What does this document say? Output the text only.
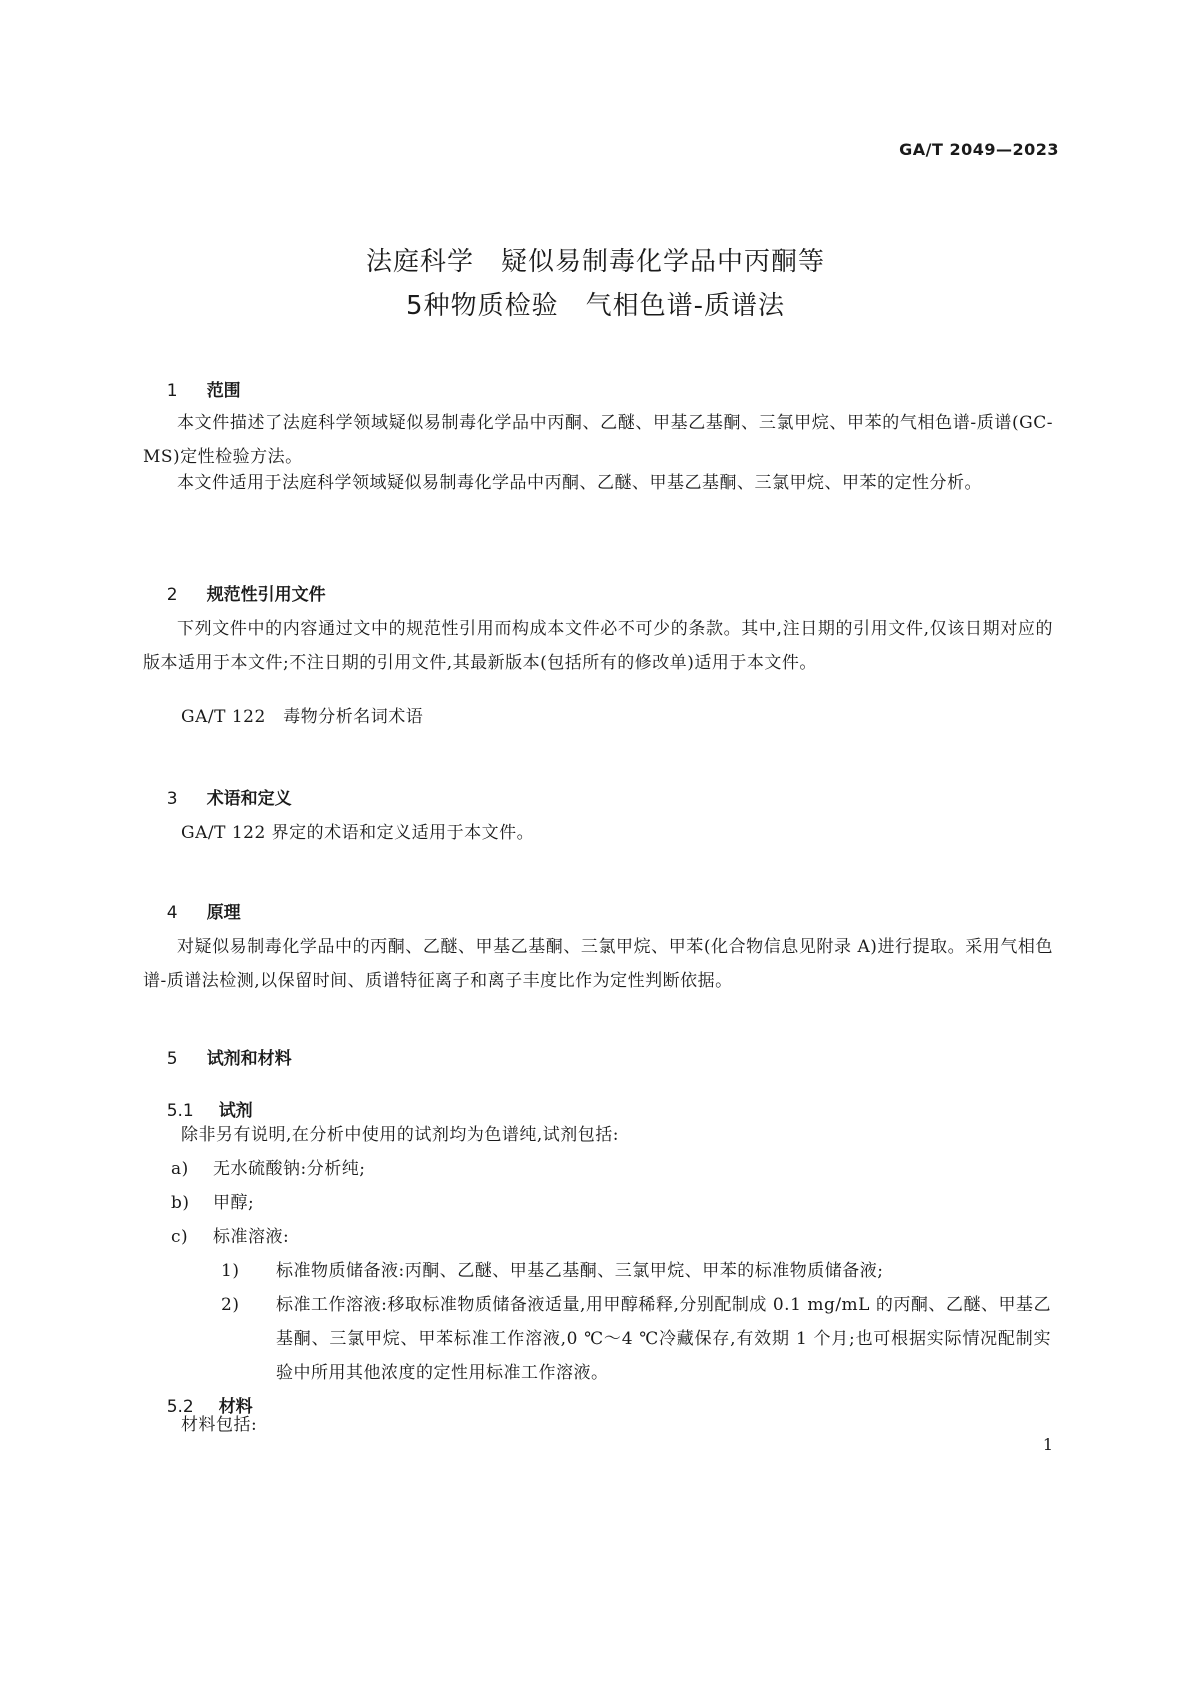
GA/T 2049—2023
法庭科学　疑似易制毒化学品中丙酮等
5种物质检验　气相色谱-质谱法

1 范围

本文件描述了法庭科学领域疑似易制毒化学品中丙酮、乙醚、甲基乙基酮、三氯甲烷、甲苯的气相色谱-质谱(GC-MS)定性检验方法。
本文件适用于法庭科学领域疑似易制毒化学品中丙酮、乙醚、甲基乙基酮、三氯甲烷、甲苯的定性分析。

2 规范性引用文件

下列文件中的内容通过文中的规范性引用而构成本文件必不可少的条款。其中,注日期的引用文件,仅该日期对应的版本适用于本文件;不注日期的引用文件,其最新版本(包括所有的修改单)适用于本文件。
GA/T 122　毒物分析名词术语

3 术语和定义

GA/T 122 界定的术语和定义适用于本文件。

4 原理

对疑似易制毒化学品中的丙酮、乙醚、甲基乙基酮、三氯甲烷、甲苯(化合物信息见附录 A)进行提取。采用气相色谱-质谱法检测,以保留时间、质谱特征离子和离子丰度比作为定性判断依据。

5 试剂和材料

5.1 试剂

除非另有说明,在分析中使用的试剂均为色谱纯,试剂包括:
a) 无水硫酸钠:分析纯;
b) 甲醇;
c) 标准溶液:
1)	标准物质储备液:丙酮、乙醚、甲基乙基酮、三氯甲烷、甲苯的标准物质储备液;
2)	标准工作溶液:移取标准物质储备液适量,用甲醇稀释,分别配制成 0.1 mg/mL 的丙酮、乙醚、甲基乙基酮、三氯甲烷、甲苯标准工作溶液,0 ℃～4 ℃冷藏保存,有效期 1 个月;也可根据实际情况配制实验中所用其他浓度的定性用标准工作溶液。

5.2 材料

材料包括:
1
